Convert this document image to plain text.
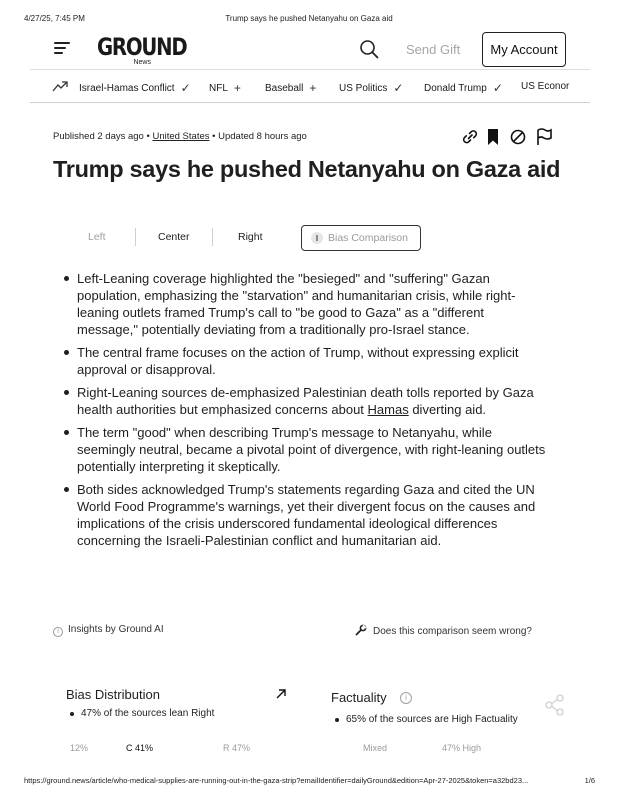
4/27/25, 7:45 PM	Trump says he pushed Netanyahu on Gaza aid
GROUND
News
Send Gift	My Account
Israel-Hamas Conflict ✓ NFL + Baseball + US Politics ✓ Donald Trump ✓ US Econor
Published 2 days ago • United States • Updated 8 hours ago
Trump says he pushed Netanyahu on Gaza aid
Left	Center	Right	Bias Comparison
Left-Leaning coverage highlighted the "besieged" and "suffering" Gazan population, emphasizing the "starvation" and humanitarian crisis, while right-leaning outlets framed Trump's call to "be good to Gaza" as a "different message," potentially deviating from a traditionally pro-Israel stance.
The central frame focuses on the action of Trump, without expressing explicit approval or disapproval.
Right-Leaning sources de-emphasized Palestinian death tolls reported by Gaza health authorities but emphasized concerns about Hamas diverting aid.
The term "good" when describing Trump's message to Netanyahu, while seemingly neutral, became a pivotal point of divergence, with right-leaning outlets potentially interpreting it skeptically.
Both sides acknowledged Trump's statements regarding Gaza and cited the UN World Food Programme's warnings, yet their divergent focus on the causes and implications of the crisis underscored fundamental ideological differences concerning the Israeli-Palestinian conflict and humanitarian aid.
i Insights by Ground AI	Does this comparison seem wrong?
Bias Distribution
47% of the sources lean Right
12%	C 41%	R 47%
Factuality	i
65% of the sources are High Factuality
Mixed	47% High
https://ground.news/article/who-medical-supplies-are-running-out-in-the-gaza-strip?emailIdentifier=dailyGround&edition=Apr-27-2025&token=a32bd23...	1/6
